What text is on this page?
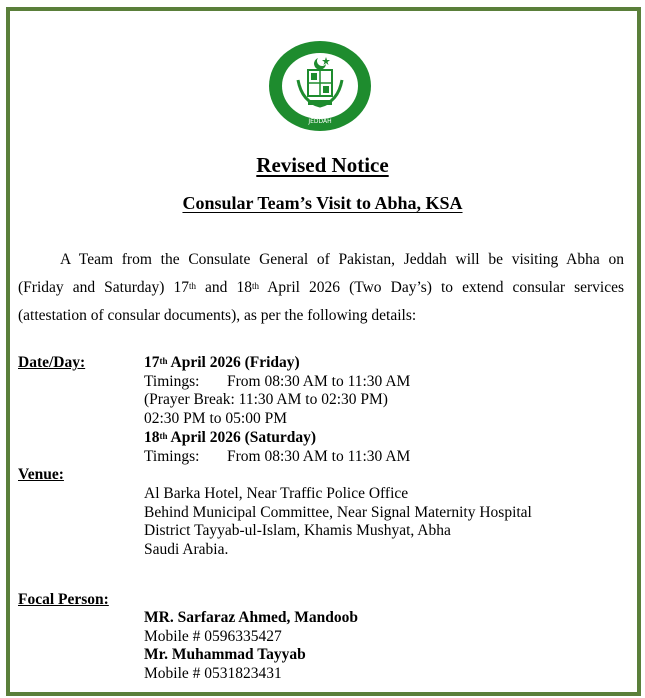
JEDDAH
Revised Notice
Consular Team’s Visit to Abha, KSA
A Team from the Consulate General of Pakistan, Jeddah will be visiting Abha on
(Friday and Saturday) 17th and 18th April 2026 (Two Day’s) to extend consular services
(attestation of consular documents), as per the following details:
Date/Day:	17th April 2026 (Friday)
Timings: From 08:30 AM to 11:30 AM
(Prayer Break: 11:30 AM to 02:30 PM)
02:30 PM to 05:00 PM
18th April 2026 (Saturday)
Timings: From 08:30 AM to 11:30 AM
Venue:
Al Barka Hotel, Near Traffic Police Office
Behind Municipal Committee, Near Signal Maternity Hospital
District Tayyab-ul-Islam, Khamis Mushyat, Abha
Saudi Arabia.
Focal Person:
MR. Sarfaraz Ahmed, Mandoob
Mobile # 0596335427
Mr. Muhammad Tayyab
Mobile # 0531823431
